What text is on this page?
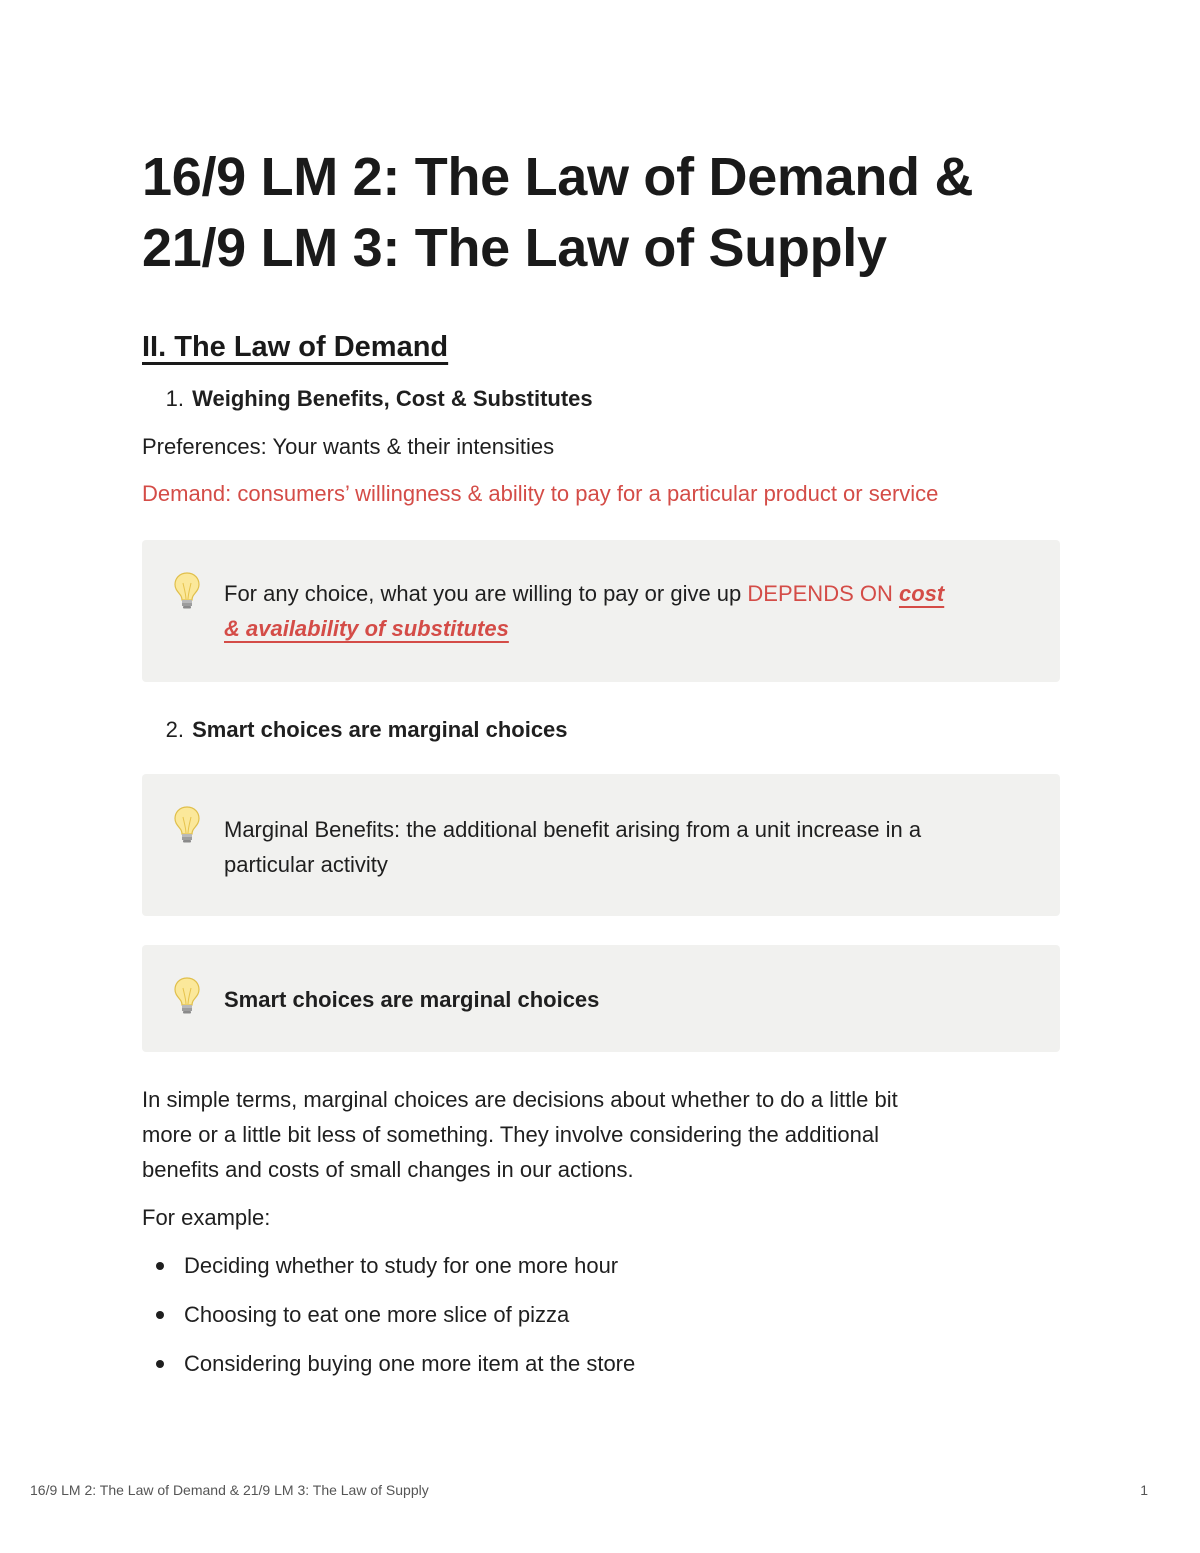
16/9 LM 2: The Law of Demand &
21/9 LM 3: The Law of Supply
II. The Law of Demand
1. Weighing Benefits, Cost & Substitutes

Preferences: Your wants & their intensities

Demand: consumers’ willingness & ability to pay for a particular product or service

For any choice, what you are willing to pay or give up DEPENDS ON cost
& availability of substitutes
2. Smart choices are marginal choices
Marginal Benefits: the additional benefit arising from a unit increase in a
particular activity
Smart choices are marginal choices

In simple terms, marginal choices are decisions about whether to do a little bit
more or a little bit less of something. They involve considering the additional
benefits and costs of small changes in our actions.

For example:

Deciding whether to study for one more hour
Choosing to eat one more slice of pizza
Considering buying one more item at the store
16/9 LM 2: The Law of Demand & 21/9 LM 3: The Law of Supply	1
